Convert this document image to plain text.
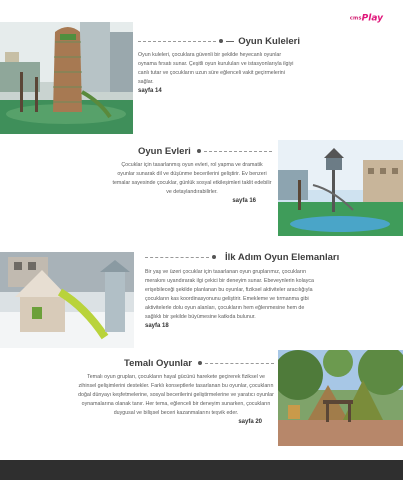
cmsPlay
Oyun Kuleleri

Oyun kuleleri, çocuklara güvenli bir şekilde heyecanlı oyunlar oynama fırsatı sunar. Çeşitli oyun kuruluları ve istasyonlarıyla ilgiyi canlı tutar ve çocukların uzun süre eğlenceli vakit geçirmelerini sağlar.

sayfa 14

Oyun Evleri

Çocuklar için tasarlanmış oyun evleri, rol yapma ve dramatik oyunlar sunarak dil ve düşünme becerilerini geliştirir. Ev benzeri temalar sayesinde çocuklar, günlük sosyal etkileşimleri taklit edebilir ve detaylandırabilirler.

sayfa 16

İlk Adım Oyun Elemanları

Bir yaş ve üzeri çocuklar için tasarlanan oyun gruplarımız, çocukların merakını uyandırarak ilgi çekici bir deneyim sunar. Ebeveynlerin kolayca erişebileceği şekilde planlanan bu oyunlar, fiziksel aktiviteler aracılığıyla çocukların kas koordinasyonunu geliştirir. Emekleme ve tırmanma gibi aktivitelerle dolu oyun alanları, çocukların hem eğlenmesine hem de sağlıklı bir şekilde büyümesine katkıda bulunur.

sayfa 18

Temalı Oyunlar

Temalı oyun grupları, çocukların hayal gücünü harekete geçirerek fiziksel ve zihinsel gelişimlerini destekler. Farklı konseptlerle tasarlanan bu oyunlar, çocukların doğal dünyayı keşfetmelerine, sosyal becerilerini geliştirmelerine ve yaratıcı oyunlar oynamalarına olanak tanır. Her tema, eğlenceli bir deneyim sunarken, çocukların duygusal ve bilişsel beceri kazanmalarını teşvik eder.

sayfa 20
